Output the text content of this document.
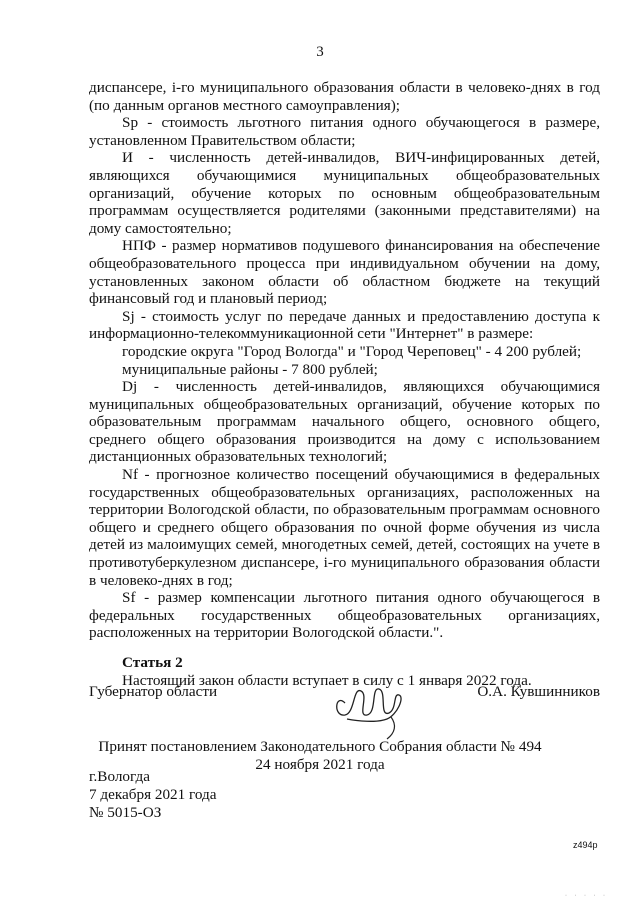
3

диспансере, i-го муниципального образования области в человеко-днях в год (по данным органов местного самоуправления);

Sp - стоимость льготного питания одного обучающегося в размере, установленном Правительством области;

И - численность детей-инвалидов, ВИЧ-инфицированных детей, являющихся обучающимися муниципальных общеобразовательных организаций, обучение которых по основным общеобразовательным программам осуществляется родителями (законными представителями) на дому самостоятельно;

НПФ - размер нормативов подушевого финансирования на обеспечение общеобразовательного процесса при индивидуальном обучении на дому, установленных законом области об областном бюджете на текущий финансовый год и плановый период;

Sj - стоимость услуг по передаче данных и предоставлению доступа к информационно-телекоммуникационной сети "Интернет" в размере:

городские округа "Город Вологда" и "Город Череповец" - 4 200 рублей;

муниципальные районы - 7 800 рублей;

Dj - численность детей-инвалидов, являющихся обучающимися муниципальных общеобразовательных организаций, обучение которых по образовательным программам начального общего, основного общего, среднего общего образования производится на дому с использованием дистанционных образовательных технологий;

Nf - прогнозное количество посещений обучающимися в федеральных государственных общеобразовательных организациях, расположенных на территории Вологодской области, по образовательным программам основного общего и среднего общего образования по очной форме обучения из числа детей из малоимущих семей, многодетных семей, детей, состоящих на учете в противотуберкулезном диспансере, i-го муниципального образования области в человеко-днях в год;

Sf - размер компенсации льготного питания одного обучающегося в федеральных государственных общеобразовательных организациях, расположенных на территории Вологодской области.".

Статья 2

Настоящий закон области вступает в силу с 1 января 2022 года.

Губернатор области	О.А. Кувшинников
Принят постановлением Законодательного Собрания области № 494
24 ноября 2021 года
г.Вологда
7 декабря 2021 года
№ 5015-ОЗ
z494p
· · · · ·
